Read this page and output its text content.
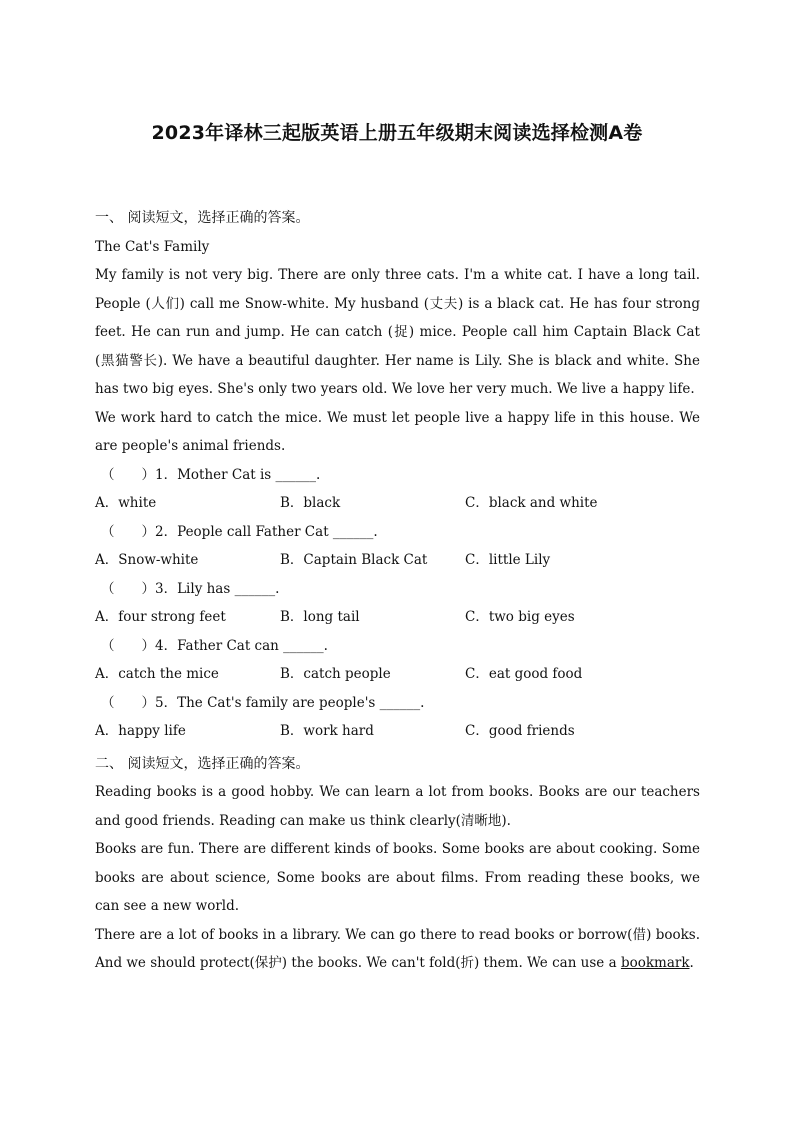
2023年译林三起版英语上册五年级期末阅读选择检测A卷
一、 阅读短文，选择正确的答案。
The Cat's Family
My family is not very big. There are only three cats. I'm a white cat. I have a long tail. People (人们) call me Snow-white. My husband (丈夫) is a black cat. He has four strong feet. He can run and jump. He can catch (捉) mice. People call him Captain Black Cat (黑猫警长). We have a beautiful daughter. Her name is Lily. She is black and white. She has two big eyes. She's only two years old. We love her very much. We live a happy life.
We work hard to catch the mice. We must let people live a happy life in this house. We are people's animal friends.
（　　）1．Mother Cat is ______.
A．white	B．black	C．black and white
（　　）2．People call Father Cat ______.
A．Snow-white	B．Captain Black Cat	C．little Lily
（　　）3．Lily has ______.
A．four strong feet	B．long tail	C．two big eyes
（　　）4．Father Cat can ______.
A．catch the mice	B．catch people	C．eat good food
（　　）5．The Cat's family are people's ______.
A．happy life	B．work hard	C．good friends
二、 阅读短文，选择正确的答案。
Reading books is a good hobby. We can learn a lot from books. Books are our teachers and good friends. Reading can make us think clearly(清晰地).
Books are fun. There are different kinds of books. Some books are about cooking. Some books are about science, Some books are about films. From reading these books, we can see a new world.
There are a lot of books in a library. We can go there to read books or borrow(借) books. And we should protect(保护) the books. We can't fold(折) them. We can use a bookmark.
